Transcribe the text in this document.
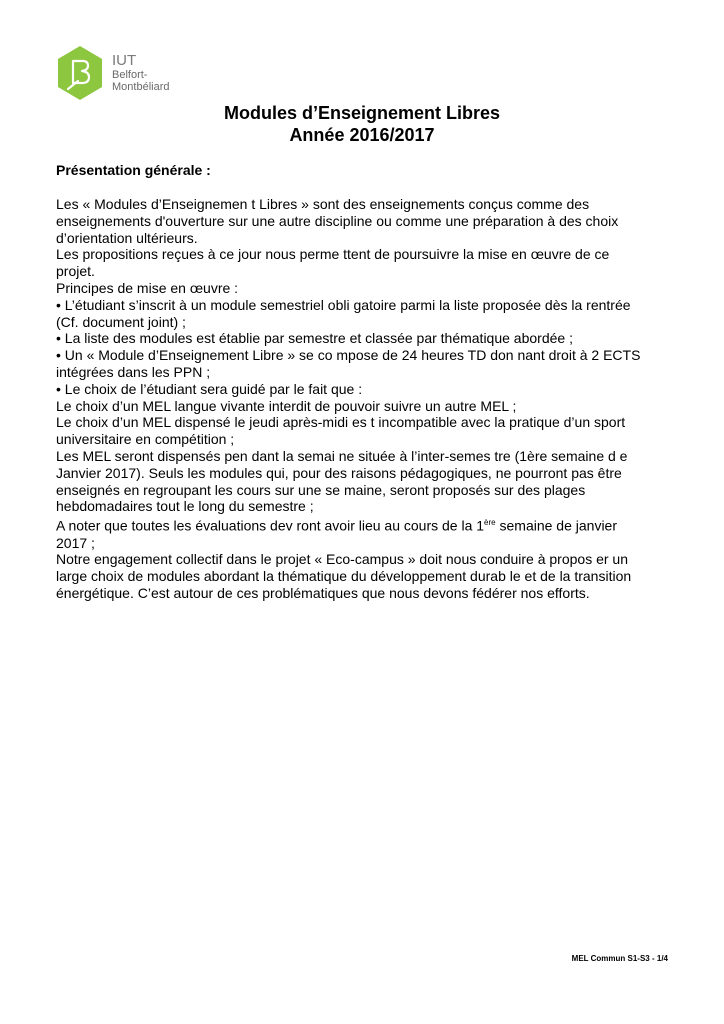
IUT
Belfort-
Montbéliard
Modules d’Enseignement Libres
Année 2016/2017
Présentation générale :

Les « Modules d’Enseignemen t Libres » sont des enseignements conçus comme des

enseignements d'ouverture sur une autre discipline ou comme une préparation à des choix

d’orientation ultérieurs.

Les propositions reçues à ce jour nous perme ttent de poursuivre la mise en œuvre de ce

projet.

Principes de mise en œuvre :

• L’étudiant s’inscrit à un module semestriel obli gatoire parmi la liste proposée dès la rentrée

(Cf. document joint) ;

• La liste des modules est établie par semestre et classée par thématique abordée ;

• Un « Module d’Enseignement Libre » se co mpose de 24 heures TD don nant droit à 2 ECTS

intégrées dans les PPN ;

• Le choix de l’étudiant sera guidé par le fait que :

Le choix d’un MEL langue vivante interdit de pouvoir suivre un autre MEL ;

Le choix d’un MEL dispensé le jeudi après-midi es t incompatible avec la pratique d’un sport

universitaire en compétition ;

Les MEL seront dispensés pen dant la semai ne située à l’inter-semes tre (1ère semaine d e

Janvier 2017). Seuls les modules qui, pour des raisons pédagogiques, ne pourront pas être

enseignés en regroupant les cours sur une se maine, seront proposés sur des plages

hebdomadaires tout le long du semestre ;

A noter que toutes les évaluations dev ront avoir lieu au cours de la 1ère semaine de janvier

2017 ;

Notre engagement collectif dans le projet « Eco-campus » doit nous conduire à propos er un

large choix de modules abordant la thématique du développement durab le et de la transition

énergétique. C’est autour de ces problématiques que nous devons fédérer nos efforts.

MEL Commun S1-S3 - 1/4
